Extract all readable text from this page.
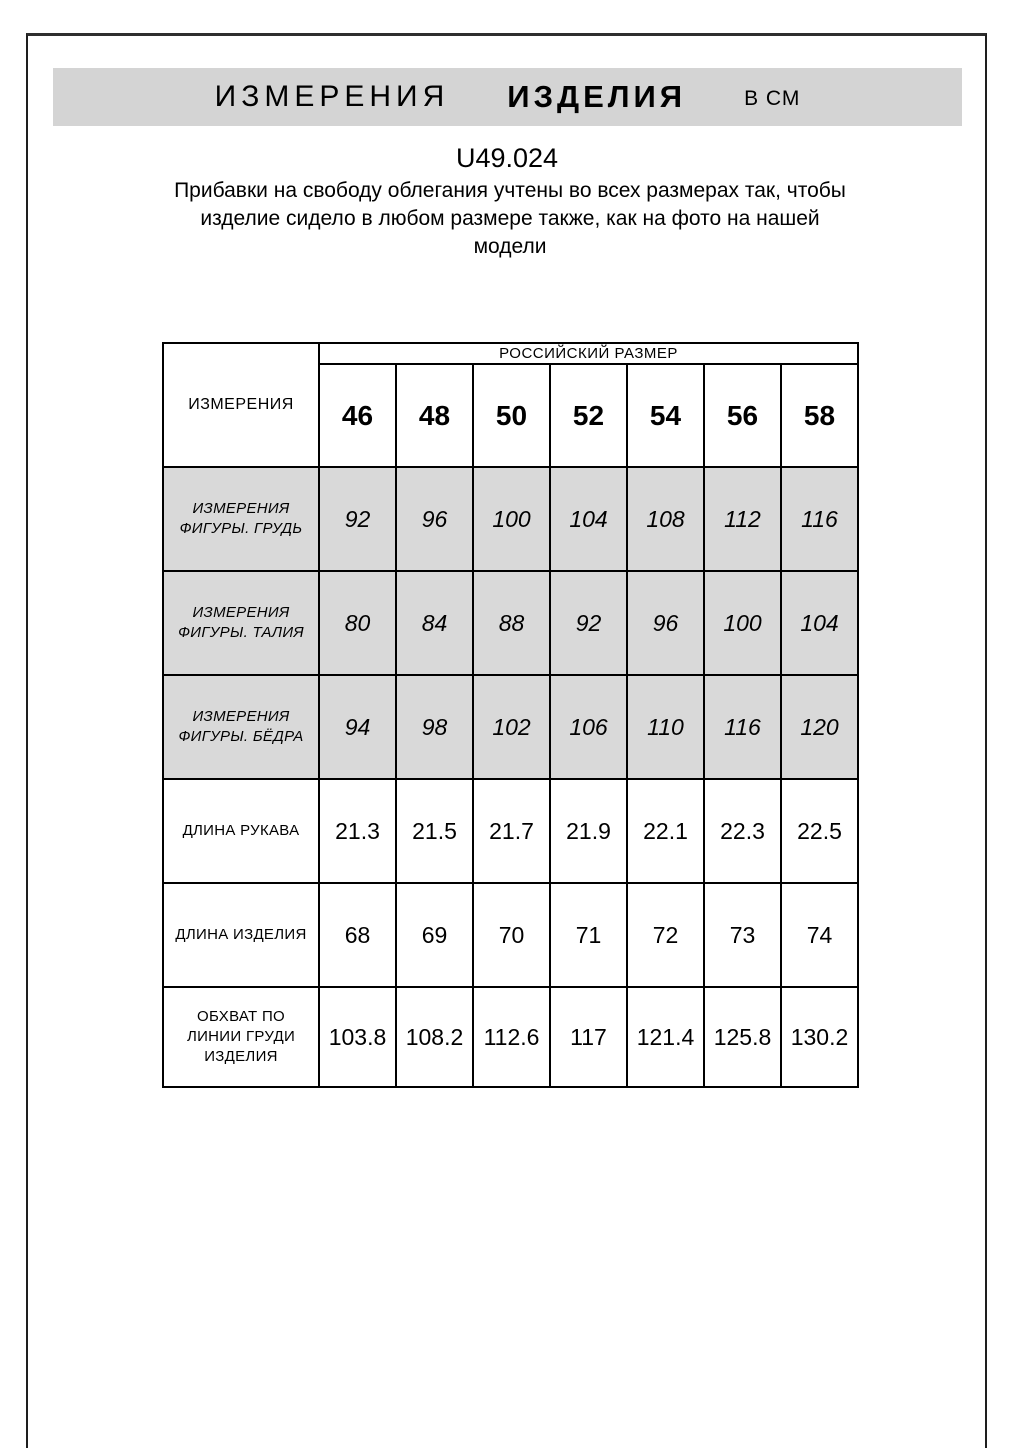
ИЗМЕРЕНИЯ ИЗДЕЛИЯ	В СМ
U49.024
Прибавки на свободу облегания учтены во всех размерах так, чтобы изделие сидело в любом размере также, как на фото на нашей модели
ИЗМЕРЕНИЯ	РОССИЙСКИЙ РАЗМЕР						
	46	48	50	52	54	56	58

ИЗМЕРЕНИЯ
ФИГУРЫ. ГРУДЬ	92	96	100	104	108	112	116

ИЗМЕРЕНИЯ
ФИГУРЫ. ТАЛИЯ	80	84	88	92	96	100	104

ИЗМЕРЕНИЯ
ФИГУРЫ. БЁДРА	94	98	102	106	110	116	120

ДЛИНА РУКАВА	21.3	21.5	21.7	21.9	22.1	22.3	22.5

ДЛИНА ИЗДЕЛИЯ	68	69	70	71	72	73	74

ОБХВАТ ПО
ЛИНИИ ГРУДИ
ИЗДЕЛИЯ	103.8	108.2	112.6	117	121.4	125.8	130.2
